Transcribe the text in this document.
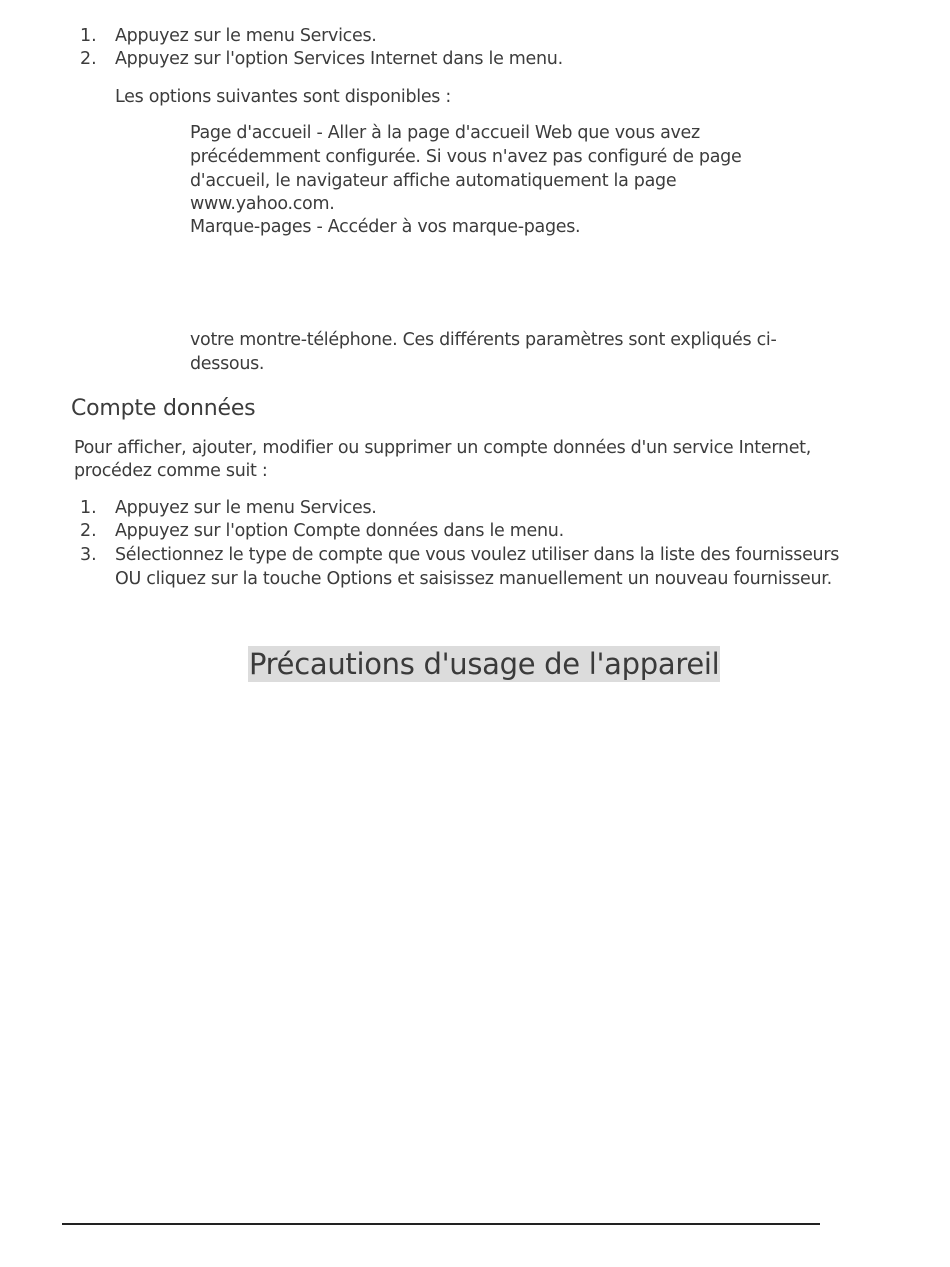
1. Appuyez sur le menu Services.
2. Appuyez sur l'option Services Internet dans le menu.
Les options suivantes sont disponibles :
Page d'accueil - Aller à la page d'accueil Web que vous avez
précédemment configurée. Si vous n'avez pas configuré de page
d'accueil, le navigateur affiche automatiquement la page
www.yahoo.com.
Marque-pages - Accéder à vos marque-pages.
votre montre-téléphone. Ces différents paramètres sont expliqués ci-
dessous.
Compte données
Pour afficher, ajouter, modifier ou supprimer un compte données d'un service Internet,
procédez comme suit :
1. Appuyez sur le menu Services.
2. Appuyez sur l'option Compte données dans le menu.
3. Sélectionnez le type de compte que vous voulez utiliser dans la liste des fournisseurs
OU cliquez sur la touche Options et saisissez manuellement un nouveau fournisseur.
Précautions d'usage de l'appareil
